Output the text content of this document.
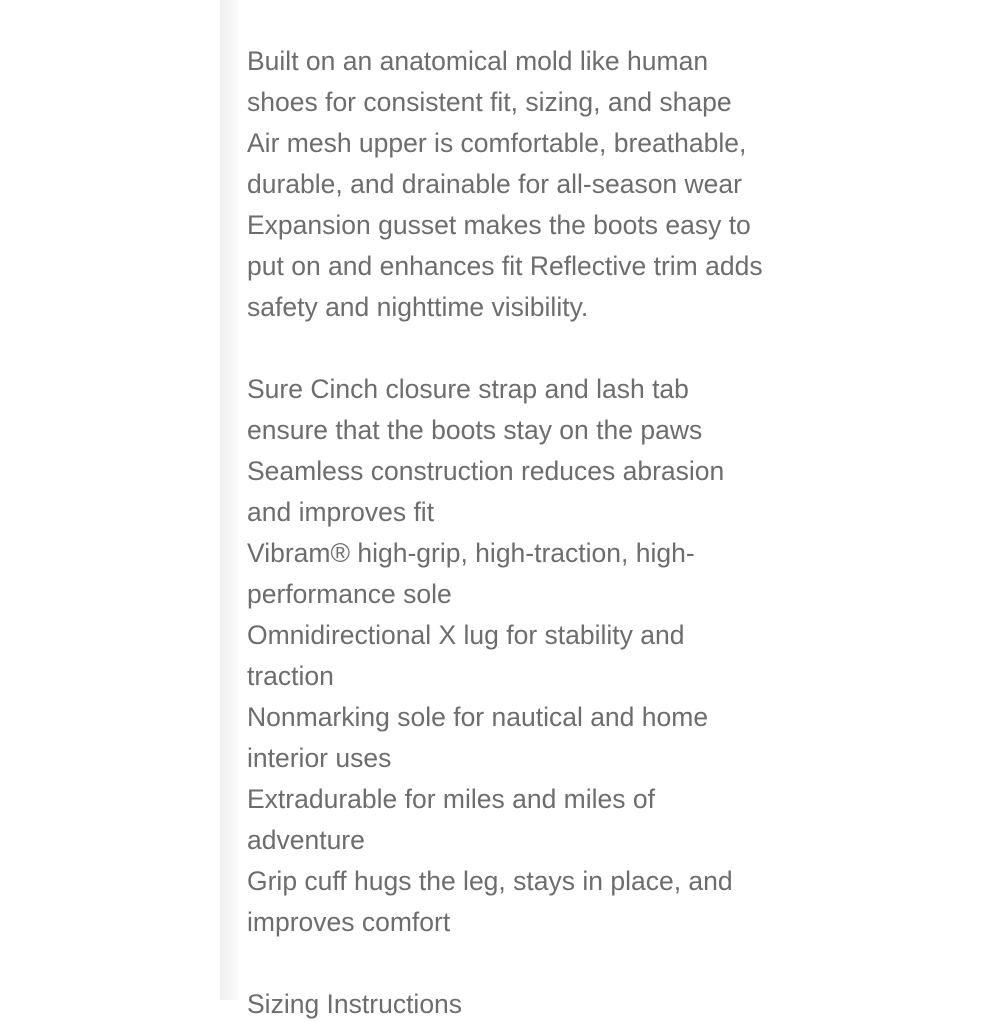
Built on an anatomical mold like human
shoes for consistent fit, sizing, and shape
Air mesh upper is comfortable, breathable,
durable, and drainable for all-season wear
Expansion gusset makes the boots easy to
put on and enhances fit Reflective trim adds
safety and nighttime visibility.
Sure Cinch closure strap and lash tab
ensure that the boots stay on the paws
Seamless construction reduces abrasion
and improves fit
Vibram® high-grip, high-traction, high-
performance sole
Omnidirectional X lug for stability and
traction
Nonmarking sole for nautical and home
interior uses
Extradurable for miles and miles of
adventure
Grip cuff hugs the leg, stays in place, and
improves comfort
Sizing Instructions
